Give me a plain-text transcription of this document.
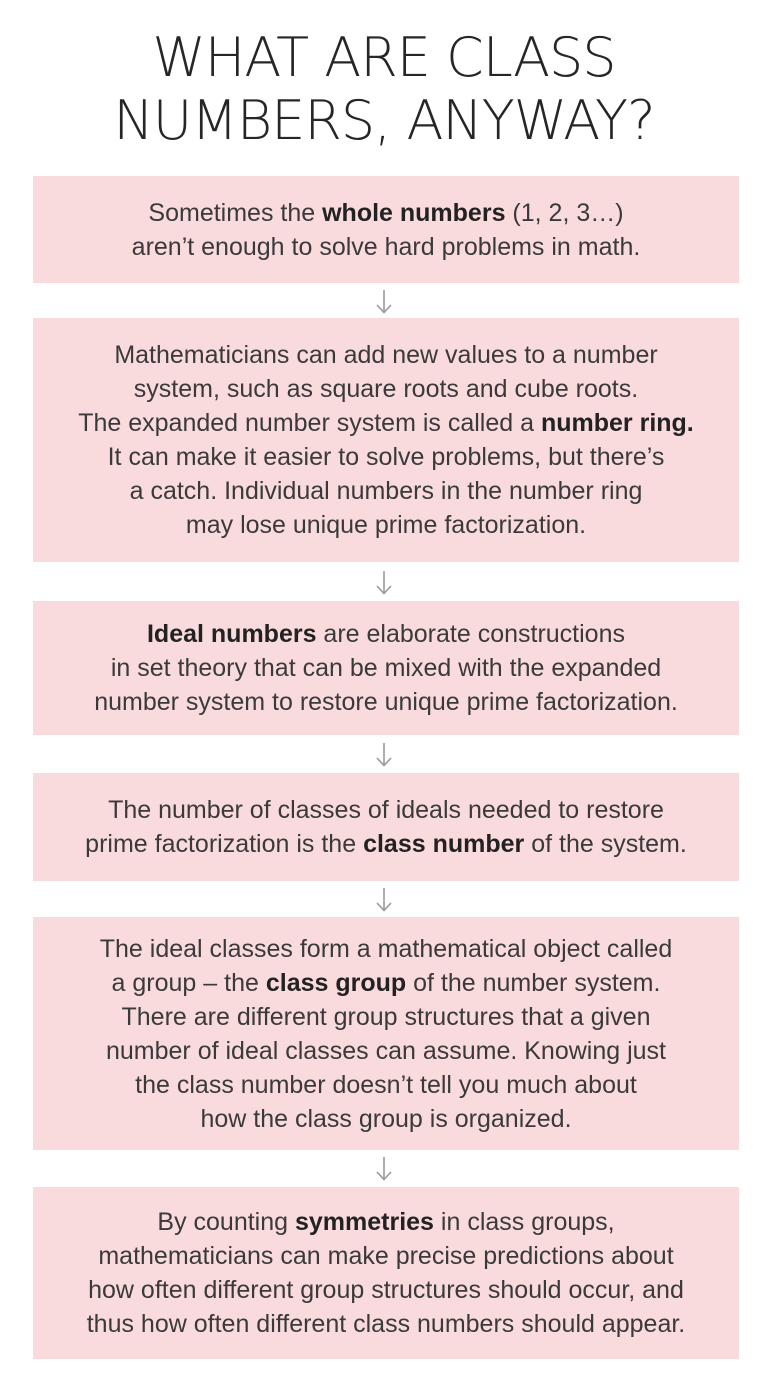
WHAT ARE CLASS
NUMBERS, ANYWAY?
Sometimes the whole numbers (1, 2, 3…)
aren’t enough to solve hard problems in math.
Mathematicians can add new values to a number
system, such as square roots and cube roots.
The expanded number system is called a number ring.
It can make it easier to solve problems, but there’s
a catch. Individual numbers in the number ring
may lose unique prime factorization.
Ideal numbers are elaborate constructions
in set theory that can be mixed with the expanded
number system to restore unique prime factorization.
The number of classes of ideals needed to restore
prime factorization is the class number of the system.
The ideal classes form a mathematical object called
a group – the class group of the number system.
There are different group structures that a given
number of ideal classes can assume. Knowing just
the class number doesn’t tell you much about
how the class group is organized.
By counting symmetries in class groups,
mathematicians can make precise predictions about
how often different group structures should occur, and
thus how often different class numbers should appear.
